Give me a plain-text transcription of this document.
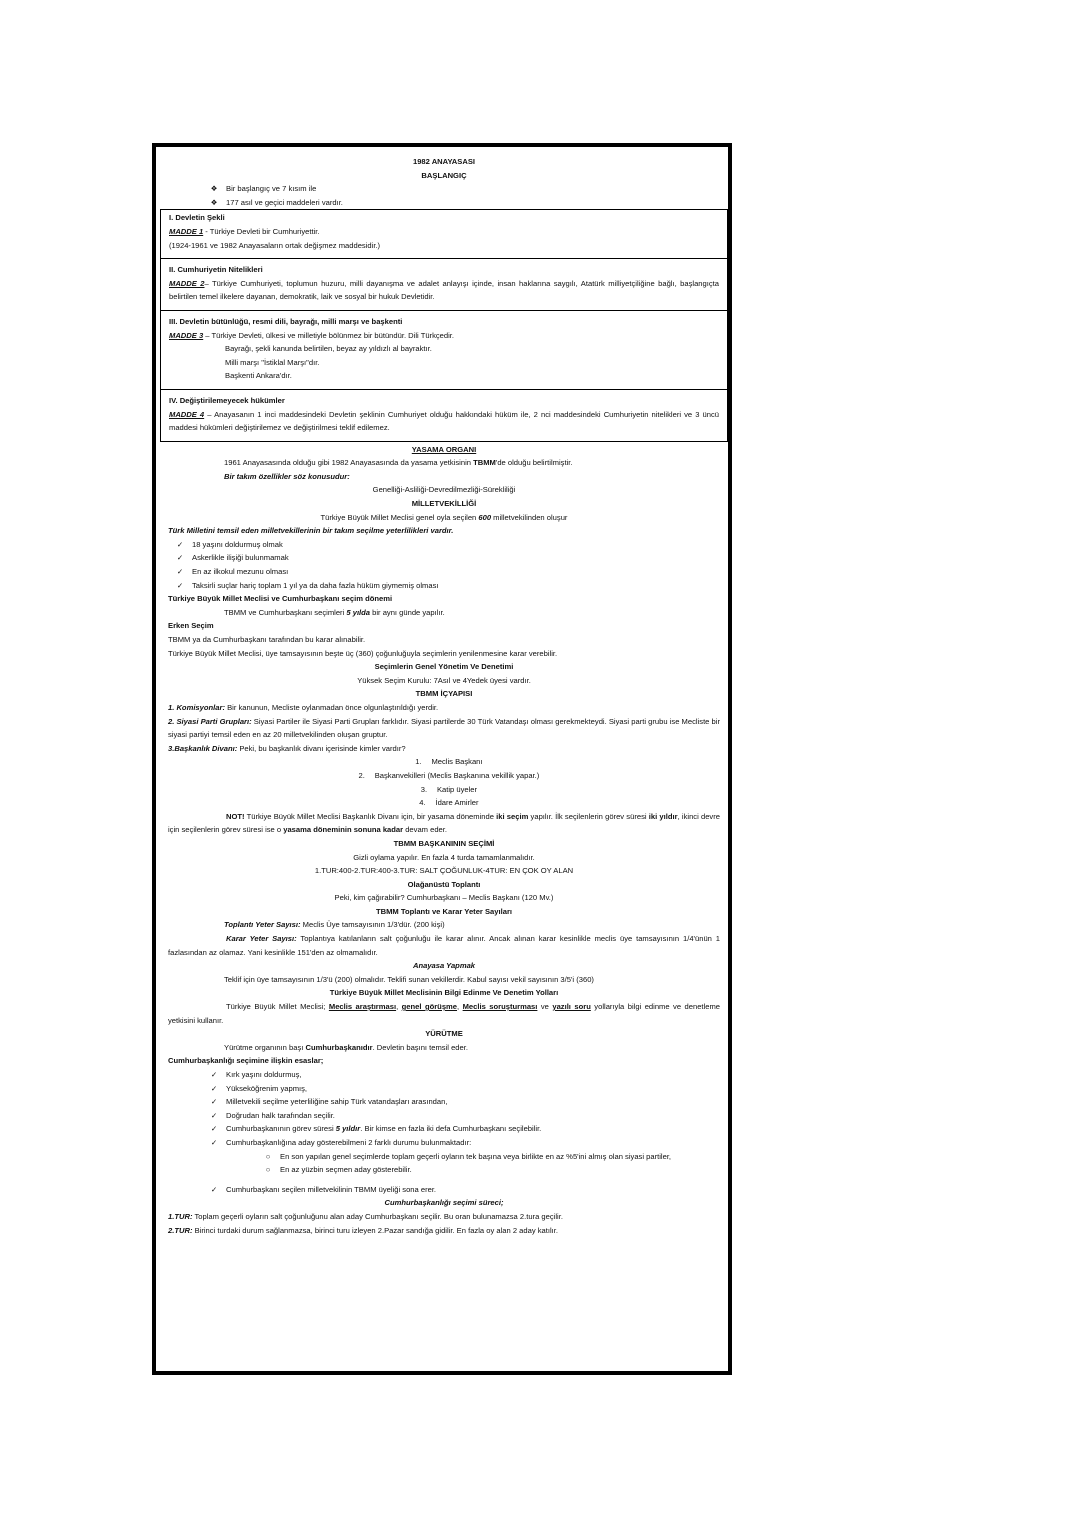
1982 ANAYASASI
BAŞLANGIÇ
❖	Bir başlangıç ve 7 kısım ile
❖	177 asıl ve geçici maddeleri vardır.
I. Devletin Şekli
MADDE 1 - Türkiye Devleti bir Cumhuriyettir.
(1924-1961 ve 1982 Anayasaların ortak değişmez maddesidir.)
II. Cumhuriyetin Nitelikleri
MADDE 2– Türkiye Cumhuriyeti, toplumun huzuru, milli dayanışma ve adalet anlayışı içinde, insan haklarına saygılı, Atatürk milliyetçiliğine bağlı, başlangıçta belirtilen temel ilkelere dayanan, demokratik, laik ve sosyal bir hukuk Devletidir.
III. Devletin bütünlüğü, resmi dili, bayrağı, milli marşı ve başkenti
MADDE 3 – Türkiye Devleti, ülkesi ve milletiyle bölünmez bir bütündür. Dili Türkçedir.
Bayrağı, şekli kanunda belirtilen, beyaz ay yıldızlı al bayraktır.
Milli marşı "İstiklal Marşı"dır.
Başkenti Ankara'dır.
IV. Değiştirilemeyecek hükümler
MADDE 4 – Anayasanın 1 inci maddesindeki Devletin şeklinin Cumhuriyet olduğu hakkındaki hüküm ile, 2 nci maddesindeki Cumhuriyetin nitelikleri ve 3 üncü maddesi hükümleri değiştirilemez ve değiştirilmesi teklif edilemez.
YASAMA ORGANI
1961 Anayasasında olduğu gibi 1982 Anayasasında da yasama yetkisinin TBMM'de olduğu belirtilmiştir.
Bir takım özellikler söz konusudur:
Genelliği-Asliliği-Devredilmezliği-Sürekliliği
MİLLETVEKİLLİĞİ
Türkiye Büyük Millet Meclisi genel oyla seçilen 600 milletvekilinden oluşur
Türk Milletini temsil eden milletvekillerinin bir takım seçilme yeterlilikleri vardır.
✓	18 yaşını doldurmuş olmak
✓	Askerlikle ilişiği bulunmamak
✓	En az ilkokul mezunu olması
✓	Taksirli suçlar hariç toplam 1 yıl ya da daha fazla hüküm giymemiş olması
Türkiye Büyük Millet Meclisi ve Cumhurbaşkanı seçim dönemi
TBMM ve Cumhurbaşkanı seçimleri 5 yılda bir aynı günde yapılır.
Erken Seçim
TBMM ya da Cumhurbaşkanı tarafından bu karar alınabilir.
Türkiye Büyük Millet Meclisi, üye tamsayısının beşte üç (360) çoğunluğuyla seçimlerin yenilenmesine karar verebilir.
Seçimlerin Genel Yönetim Ve Denetimi
Yüksek Seçim Kurulu: 7Asıl ve 4Yedek üyesi vardır.
TBMM İÇYAPISI
1. Komisyonlar: Bir kanunun, Mecliste oylanmadan önce olgunlaştırıldığı yerdir.
2. Siyasi Parti Grupları: Siyasi Partiler ile Siyasi Parti Grupları farklıdır. Siyasi partilerde 30 Türk Vatandaşı olması gerekmekteydi. Siyasi parti grubu ise Mecliste bir siyasi partiyi temsil eden en az 20 milletvekilinden oluşan gruptur.
3.Başkanlık Divanı: Peki, bu başkanlık divanı içerisinde kimler vardır?
1. Meclis Başkanı
2. Başkanvekilleri (Meclis Başkanına vekillik yapar.)
3. Katip üyeler
4. İdare Amirler
NOT! Türkiye Büyük Millet Meclisi Başkanlık Divanı için, bir yasama döneminde iki seçim yapılır. İlk seçilenlerin görev süresi iki yıldır, ikinci devre için seçilenlerin görev süresi ise o yasama döneminin sonuna kadar devam eder.
TBMM BAŞKANININ SEÇİMİ
Gizli oylama yapılır. En fazla 4 turda tamamlanmalıdır.
1.TUR:400-2.TUR:400-3.TUR: SALT ÇOĞUNLUK-4TUR: EN ÇOK OY ALAN
Olağanüstü Toplantı
Peki, kim çağırabilir? Cumhurbaşkanı – Meclis Başkanı (120 Mv.)
TBMM Toplantı ve Karar Yeter Sayıları
Toplantı Yeter Sayısı: Meclis Üye tamsayısının 1/3'dür. (200 kişi)
Karar Yeter Sayısı: Toplantıya katılanların salt çoğunluğu ile karar alınır. Ancak alınan karar kesinlikle meclis üye tamsayısının 1/4'ünün 1 fazlasından az olamaz. Yani kesinlikle 151'den az olmamalıdır.
Anayasa Yapmak
Teklif için üye tamsayısının 1/3'ü (200) olmalıdır. Teklifi sunan vekillerdir. Kabul sayısı vekil sayısının 3/5'i (360)
Türkiye Büyük Millet Meclisinin Bilgi Edinme Ve Denetim Yolları
Türkiye Büyük Millet Meclisi; Meclis araştırması, genel görüşme, Meclis soruşturması ve yazılı soru yollarıyla bilgi edinme ve denetleme yetkisini kullanır.
YÜRÜTME
Yürütme organının başı Cumhurbaşkanıdır. Devletin başını temsil eder.
Cumhurbaşkanlığı seçimine ilişkin esaslar;
✓	Kırk yaşını doldurmuş,
✓	Yükseköğrenim yapmış,
✓	Milletvekili seçilme yeterliliğine sahip Türk vatandaşları arasından,
✓	Doğrudan halk tarafından seçilir.
✓	Cumhurbaşkanının görev süresi 5 yıldır. Bir kimse en fazla iki defa Cumhurbaşkanı seçilebilir.
✓	Cumhurbaşkanlığına aday gösterebilmeni 2 farklı durumu bulunmaktadır:
○	En son yapılan genel seçimlerde toplam geçerli oyların tek başına veya birlikte en az %5'ini almış olan siyasi partiler,
○	En az yüzbin seçmen aday gösterebilir.
✓	Cumhurbaşkanı seçilen milletvekilinin TBMM üyeliği sona erer.
Cumhurbaşkanlığı seçimi süreci;
1.TUR: Toplam geçerli oyların salt çoğunluğunu alan aday Cumhurbaşkanı seçilir. Bu oran bulunamazsa 2.tura geçilir.
2.TUR: Birinci turdaki durum sağlanmazsa, birinci turu izleyen 2.Pazar sandığa gidilir. En fazla oy alan 2 aday katılır.
